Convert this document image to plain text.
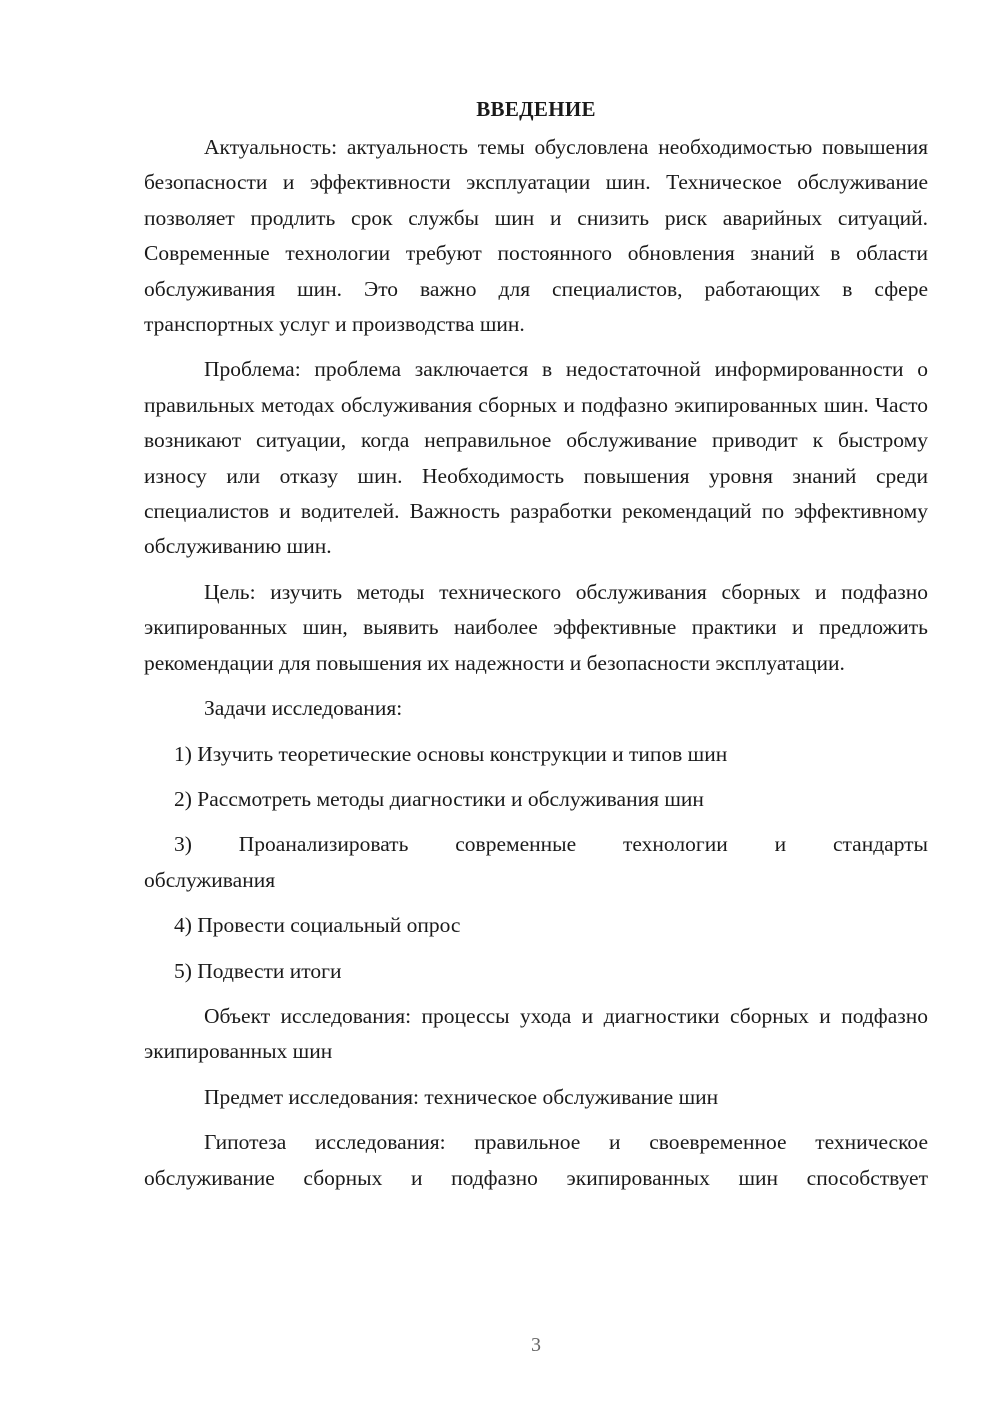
ВВЕДЕНИЕ

Актуальность: актуальность темы обусловлена необходимостью повышения безопасности и эффективности эксплуатации шин. Техническое обслуживание позволяет продлить срок службы шин и снизить риск аварийных ситуаций. Современные технологии требуют постоянного обновления знаний в области обслуживания шин. Это важно для специалистов, работающих в сфере транспортных услуг и производства шин.

Проблема: проблема заключается в недостаточной информированности о правильных методах обслуживания сборных и подфазно экипированных шин. Часто возникают ситуации, когда неправильное обслуживание приводит к быстрому износу или отказу шин. Необходимость повышения уровня знаний среди специалистов и водителей. Важность разработки рекомендаций по эффективному обслуживанию шин.

Цель: изучить методы технического обслуживания сборных и подфазно экипированных шин, выявить наиболее эффективные практики и предложить рекомендации для повышения их надежности и безопасности эксплуатации.

Задачи исследования:

1) Изучить теоретические основы конструкции и типов шин

2) Рассмотреть методы диагностики и обслуживания шин

3) Проанализировать современные технологии и стандарты обслуживания

4) Провести социальный опрос

5) Подвести итоги

Объект исследования: процессы ухода и диагностики сборных и подфазно экипированных шин

Предмет исследования: техническое обслуживание шин

Гипотеза исследования: правильное и своевременное техническое обслуживание сборных и подфазно экипированных шин способствует

3
